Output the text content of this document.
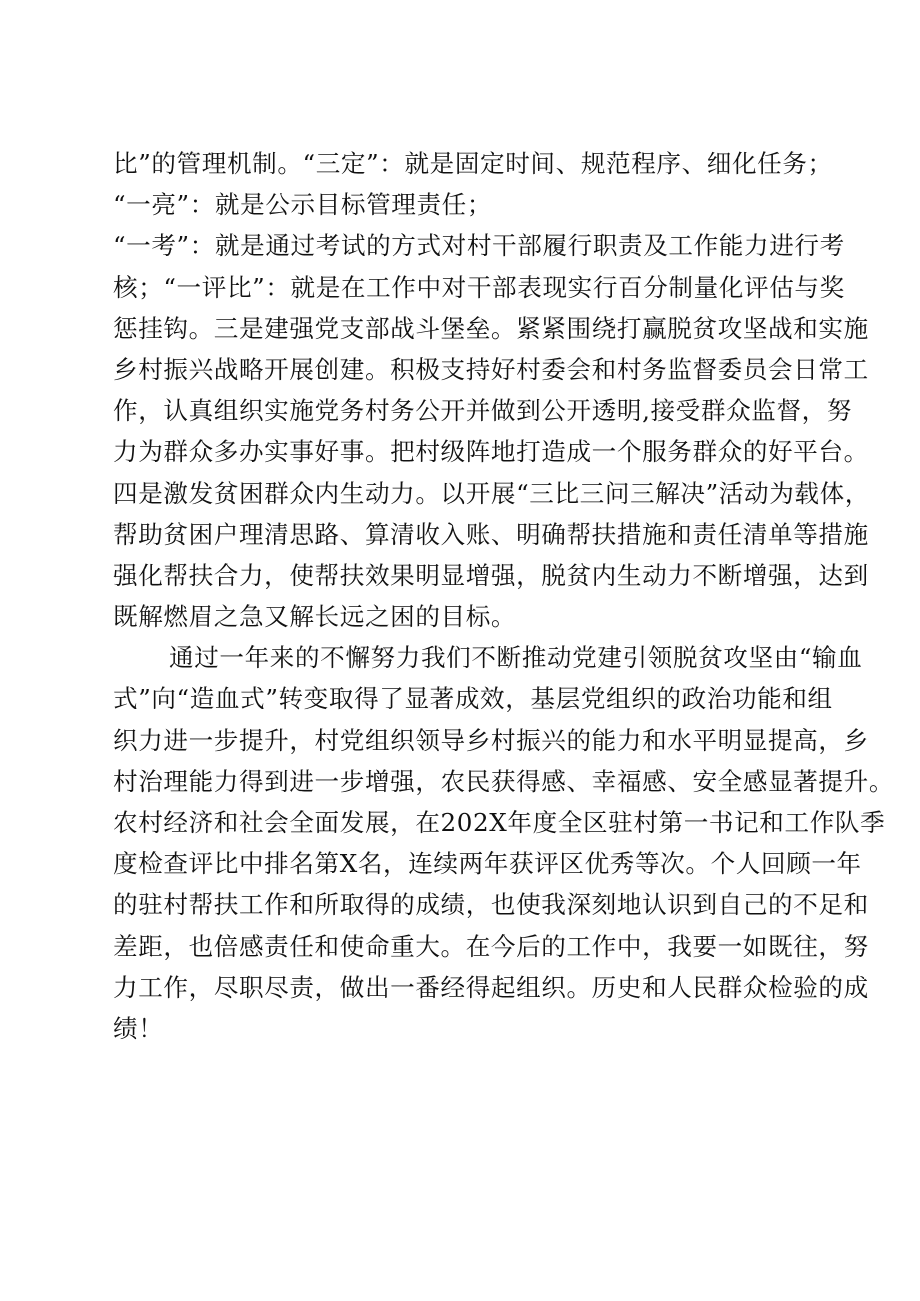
比”的管理机制。“三定”：就是固定时间、规范程序、细化任务；
“一亮”：就是公示目标管理责任；
“一考”：就是通过考试的方式对村干部履行职责及工作能力进行考
核；“一评比”：就是在工作中对干部表现实行百分制量化评估与奖
惩挂钩。三是建强党支部战斗堡垒。紧紧围绕打赢脱贫攻坚战和实施
乡村振兴战略开展创建。积极支持好村委会和村务监督委员会日常工
作，认真组织实施党务村务公开并做到公开透明,接受群众监督，努
力为群众多办实事好事。把村级阵地打造成一个服务群众的好平台。
四是激发贫困群众内生动力。以开展“三比三问三解决”活动为载体，
帮助贫困户理清思路、算清收入账、明确帮扶措施和责任清单等措施
强化帮扶合力，使帮扶效果明显增强，脱贫内生动力不断增强，达到
既解燃眉之急又解长远之困的目标。
通过一年来的不懈努力我们不断推动党建引领脱贫攻坚由“输血
式”向“造血式”转变取得了显著成效，基层党组织的政治功能和组
织力进一步提升，村党组织领导乡村振兴的能力和水平明显提高，乡
村治理能力得到进一步增强，农民获得感、幸福感、安全感显著提升。
农村经济和社会全面发展，在202X年度全区驻村第一书记和工作队季
度检查评比中排名第X名，连续两年获评区优秀等次。个人回顾一年
的驻村帮扶工作和所取得的成绩，也使我深刻地认识到自己的不足和
差距，也倍感责任和使命重大。在今后的工作中，我要一如既往，努
力工作，尽职尽责，做出一番经得起组织。历史和人民群众检验的成
绩！
